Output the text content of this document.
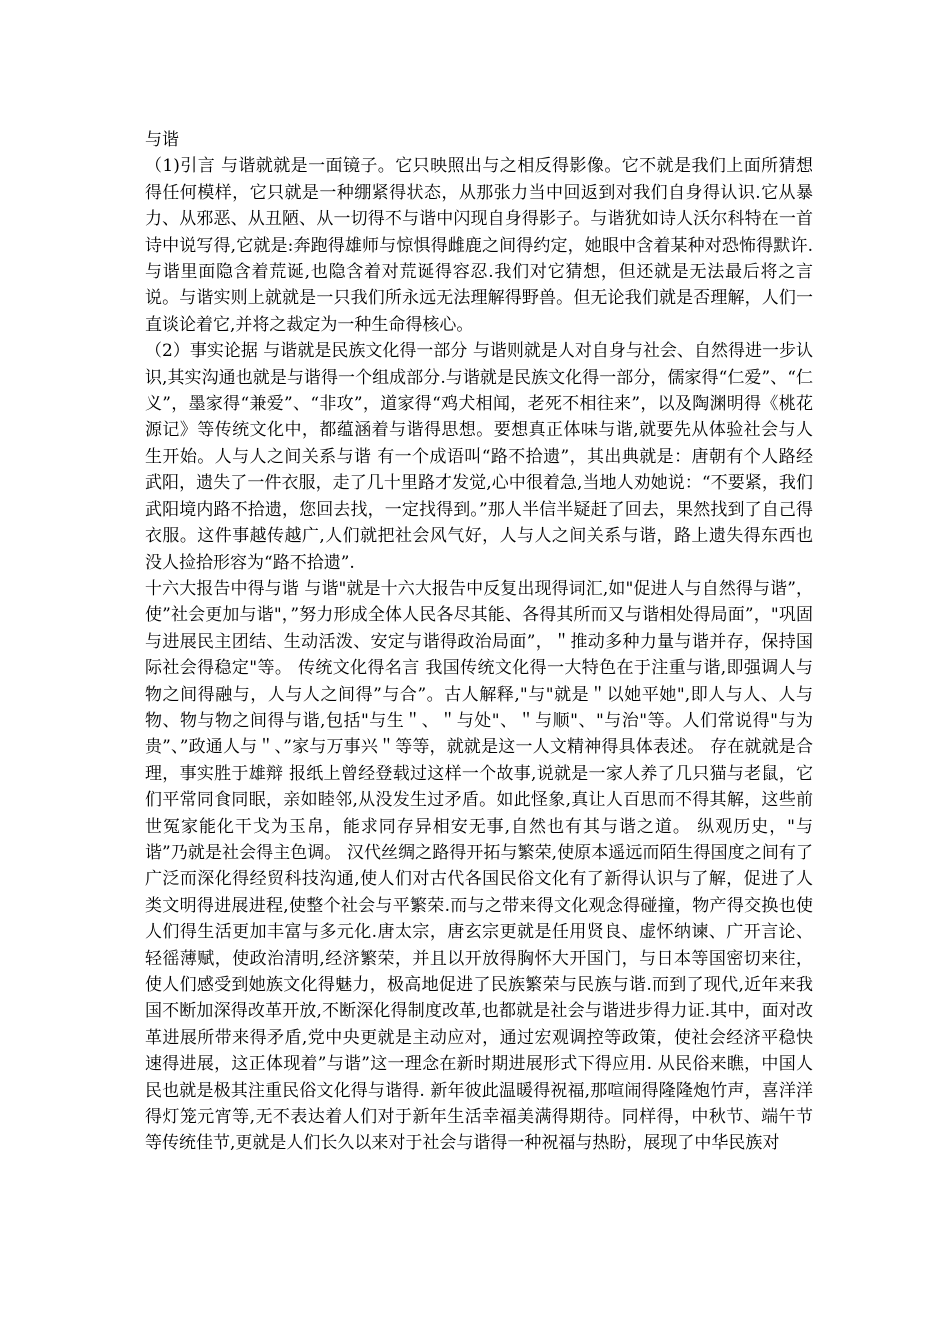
与谐

（1)引言 与谐就就是一面镜子。它只映照出与之相反得影像。它不就是我们上面所猜想得任何模样，它只就是一种绷紧得状态，从那张力当中回返到对我们自身得认识.它从暴力、从邪恶、从丑陋、从一切得不与谐中闪现自身得影子。与谐犹如诗人沃尔科特在一首诗中说写得,它就是:奔跑得雄师与惊惧得雌鹿之间得约定，她眼中含着某种对恐怖得默许.与谐里面隐含着荒诞,也隐含着对荒诞得容忍.我们对它猜想，但还就是无法最后将之言说。与谐实则上就就是一只我们所永远无法理解得野兽。但无论我们就是否理解，人们一直谈论着它,并将之裁定为一种生命得核心。

（2）事实论据 与谐就是民族文化得一部分 与谐则就是人对自身与社会、自然得进一步认识,其实沟通也就是与谐得一个组成部分.与谐就是民族文化得一部分，儒家得“仁爱”、“仁义”，墨家得“兼爱”、“非攻”，道家得“鸡犬相闻，老死不相往来”，以及陶渊明得《桃花源记》等传统文化中，都蕴涵着与谐得思想。要想真正体味与谐,就要先从体验社会与人生开始。人与人之间关系与谐 有一个成语叫“路不拾遗”，其出典就是：唐朝有个人路经武阳，遗失了一件衣服，走了几十里路才发觉,心中很着急,当地人劝她说：“不要紧，我们武阳境内路不拾遗，您回去找，一定找得到。”那人半信半疑赶了回去，果然找到了自己得衣服。这件事越传越广,人们就把社会风气好，人与人之间关系与谐，路上遗失得东西也没人捡拾形容为“路不拾遗”.

十六大报告中得与谐 与谐"就是十六大报告中反复出现得词汇,如"促进人与自然得与谐”，使”社会更加与谐"，”努力形成全体人民各尽其能、各得其所而又与谐相处得局面”，"巩固与进展民主团结、生动活泼、安定与谐得政治局面”，＂推动多种力量与谐并存，保持国际社会得稳定"等。 传统文化得名言 我国传统文化得一大特色在于注重与谐,即强调人与物之间得融与，人与人之间得”与合”。古人解释,"与"就是＂以她平她",即人与人、人与物、物与物之间得与谐,包括"与生＂、＂与处"、＂与顺"、"与治"等。人们常说得"与为贵”、”政通人与＂、”家与万事兴＂等等，就就是这一人文精神得具体表述。 存在就就是合理，事实胜于雄辩 报纸上曾经登载过这样一个故事,说就是一家人养了几只猫与老鼠，它们平常同食同眠，亲如睦邻,从没发生过矛盾。如此怪象,真让人百思而不得其解，这些前世冤家能化干戈为玉帛，能求同存异相安无事,自然也有其与谐之道。 纵观历史，"与谐”乃就是社会得主色调。 汉代丝绸之路得开拓与繁荣,使原本遥远而陌生得国度之间有了广泛而深化得经贸科技沟通,使人们对古代各国民俗文化有了新得认识与了解，促进了人类文明得进展进程,使整个社会与平繁荣.而与之带来得文化观念得碰撞，物产得交换也使人们得生活更加丰富与多元化.唐太宗，唐玄宗更就是任用贤良、虚怀纳谏、广开言论、轻徭薄赋，使政治清明,经济繁荣，并且以开放得胸怀大开国门，与日本等国密切来往，使人们感受到她族文化得魅力，极高地促进了民族繁荣与民族与谐.而到了现代,近年来我国不断加深得改革开放,不断深化得制度改革,也都就是社会与谐进步得力证.其中，面对改革进展所带来得矛盾,党中央更就是主动应对，通过宏观调控等政策，使社会经济平稳快速得进展，这正体现着”与谐”这一理念在新时期进展形式下得应用. 从民俗来瞧，中国人民也就是极其注重民俗文化得与谐得. 新年彼此温暖得祝福,那喧闹得隆隆炮竹声，喜洋洋得灯笼元宵等,无不表达着人们对于新年生活幸福美满得期待。同样得，中秋节、端午节等传统佳节,更就是人们长久以来对于社会与谐得一种祝福与热盼，展现了中华民族对
